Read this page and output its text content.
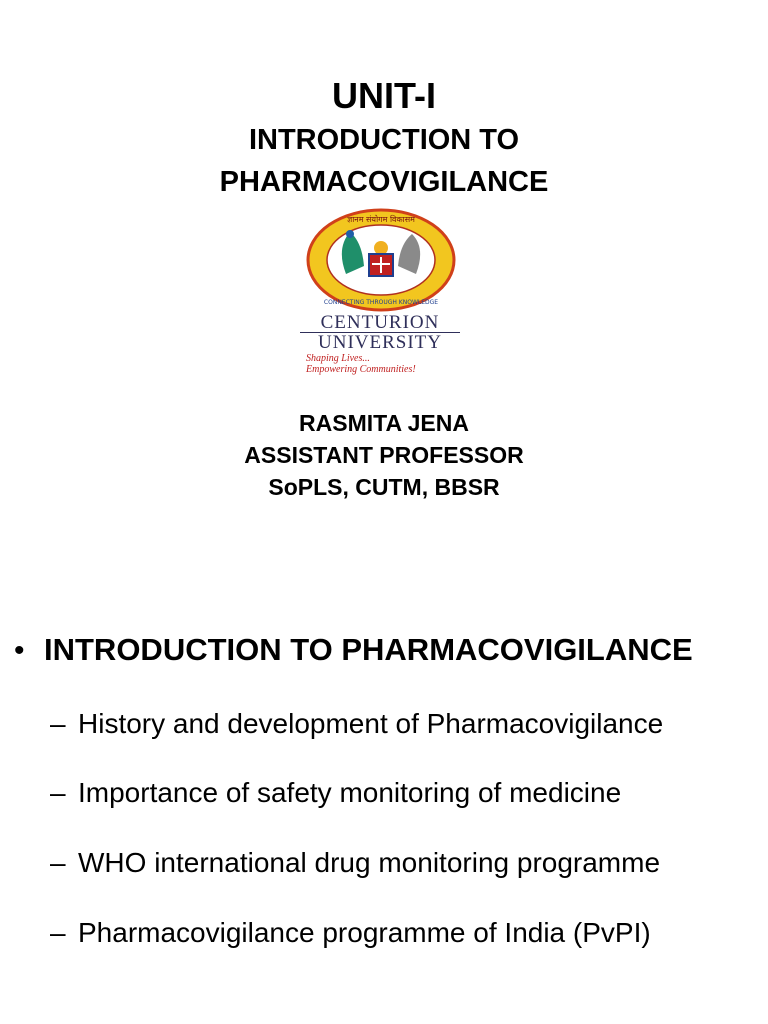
UNIT-I
INTRODUCTION TO
PHARMACOVIGILANCE
ज्ञानम संयोगम विकासम
CONNECTING THROUGH KNOWLEDGE
CENTURION
UNIVERSITY
Shaping Lives...
Empowering Communities!
RASMITA JENA
ASSISTANT PROFESSOR
SoPLS, CUTM, BBSR
• INTRODUCTION TO PHARMACOVIGILANCE
– History and development of Pharmacovigilance
– Importance of safety monitoring of medicine
– WHO international drug monitoring programme
– Pharmacovigilance programme of India (PvPI)
